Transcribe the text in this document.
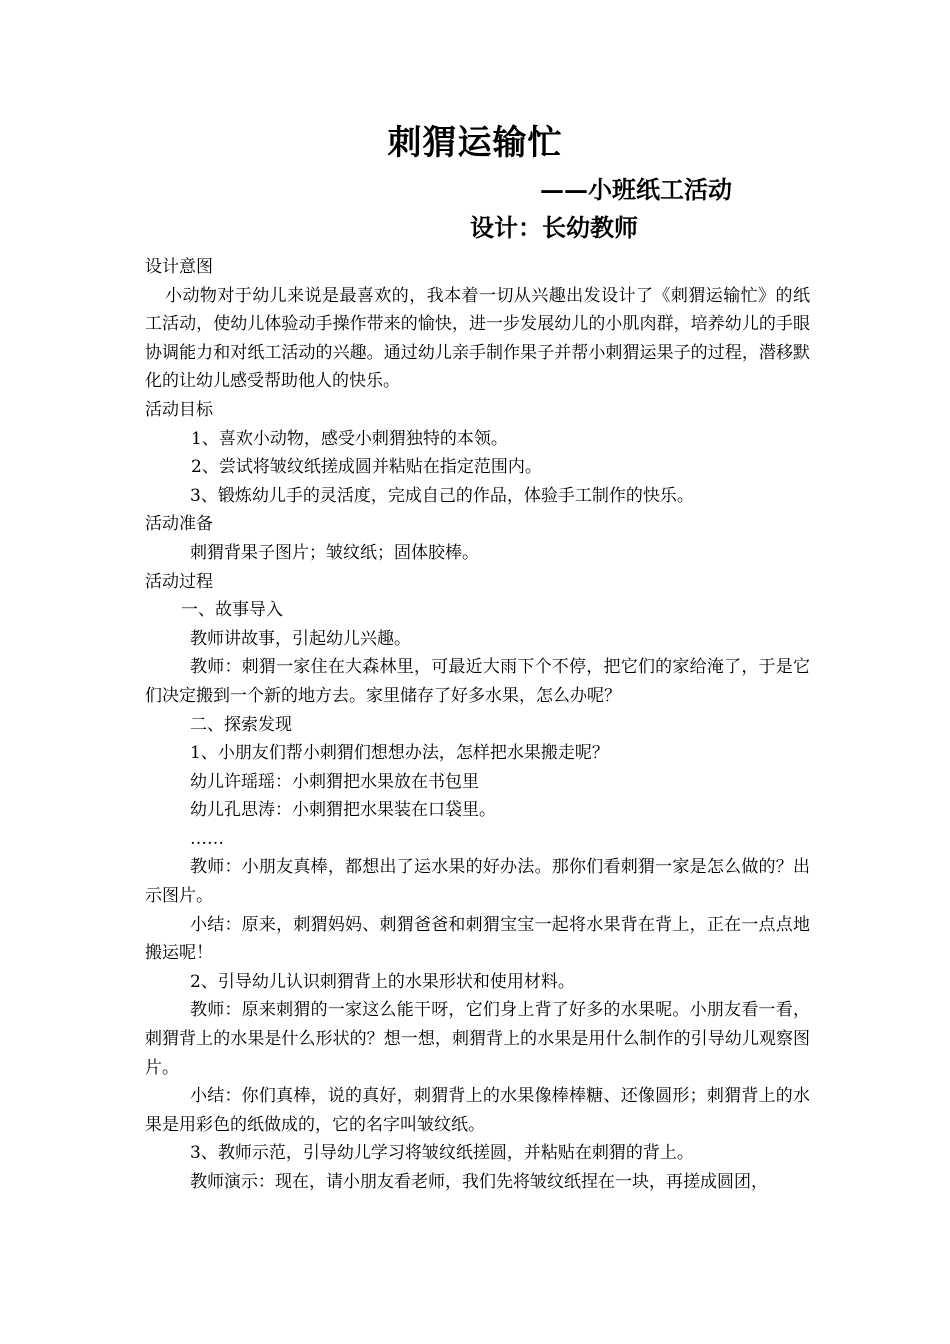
刺猬运输忙
——小班纸工活动
设计：长幼教师

设计意图

小动物对于幼儿来说是最喜欢的，我本着一切从兴趣出发设计了《刺猬运输忙》的纸工活动，使幼儿体验动手操作带来的愉快，进一步发展幼儿的小肌肉群，培养幼儿的手眼协调能力和对纸工活动的兴趣。通过幼儿亲手制作果子并帮小刺猬运果子的过程，潜移默化的让幼儿感受帮助他人的快乐。

活动目标

1、喜欢小动物，感受小刺猬独特的本领。

2、尝试将皱纹纸搓成圆并粘贴在指定范围内。

3、锻炼幼儿手的灵活度，完成自己的作品，体验手工制作的快乐。

活动准备

刺猬背果子图片；皱纹纸；固体胶棒。

活动过程

一、故事导入

教师讲故事，引起幼儿兴趣。

教师：刺猬一家住在大森林里，可最近大雨下个不停，把它们的家给淹了，于是它们决定搬到一个新的地方去。家里储存了好多水果，怎么办呢？

二、探索发现

1、小朋友们帮小刺猬们想想办法，怎样把水果搬走呢？

幼儿许瑶瑶：小刺猬把水果放在书包里

幼儿孔思涛：小刺猬把水果装在口袋里。

……

教师：小朋友真棒，都想出了运水果的好办法。那你们看刺猬一家是怎么做的？出示图片。

小结：原来，刺猬妈妈、刺猬爸爸和刺猬宝宝一起将水果背在背上，正在一点点地搬运呢！

2、引导幼儿认识刺猬背上的水果形状和使用材料。

教师：原来刺猬的一家这么能干呀，它们身上背了好多的水果呢。小朋友看一看，刺猬背上的水果是什么形状的？想一想，刺猬背上的水果是用什么制作的引导幼儿观察图片。

小结：你们真棒，说的真好，刺猬背上的水果像棒棒糖、还像圆形；刺猬背上的水果是用彩色的纸做成的，它的名字叫皱纹纸。

3、教师示范，引导幼儿学习将皱纹纸搓圆，并粘贴在刺猬的背上。

教师演示：现在，请小朋友看老师，我们先将皱纹纸捏在一块，再搓成圆团，
